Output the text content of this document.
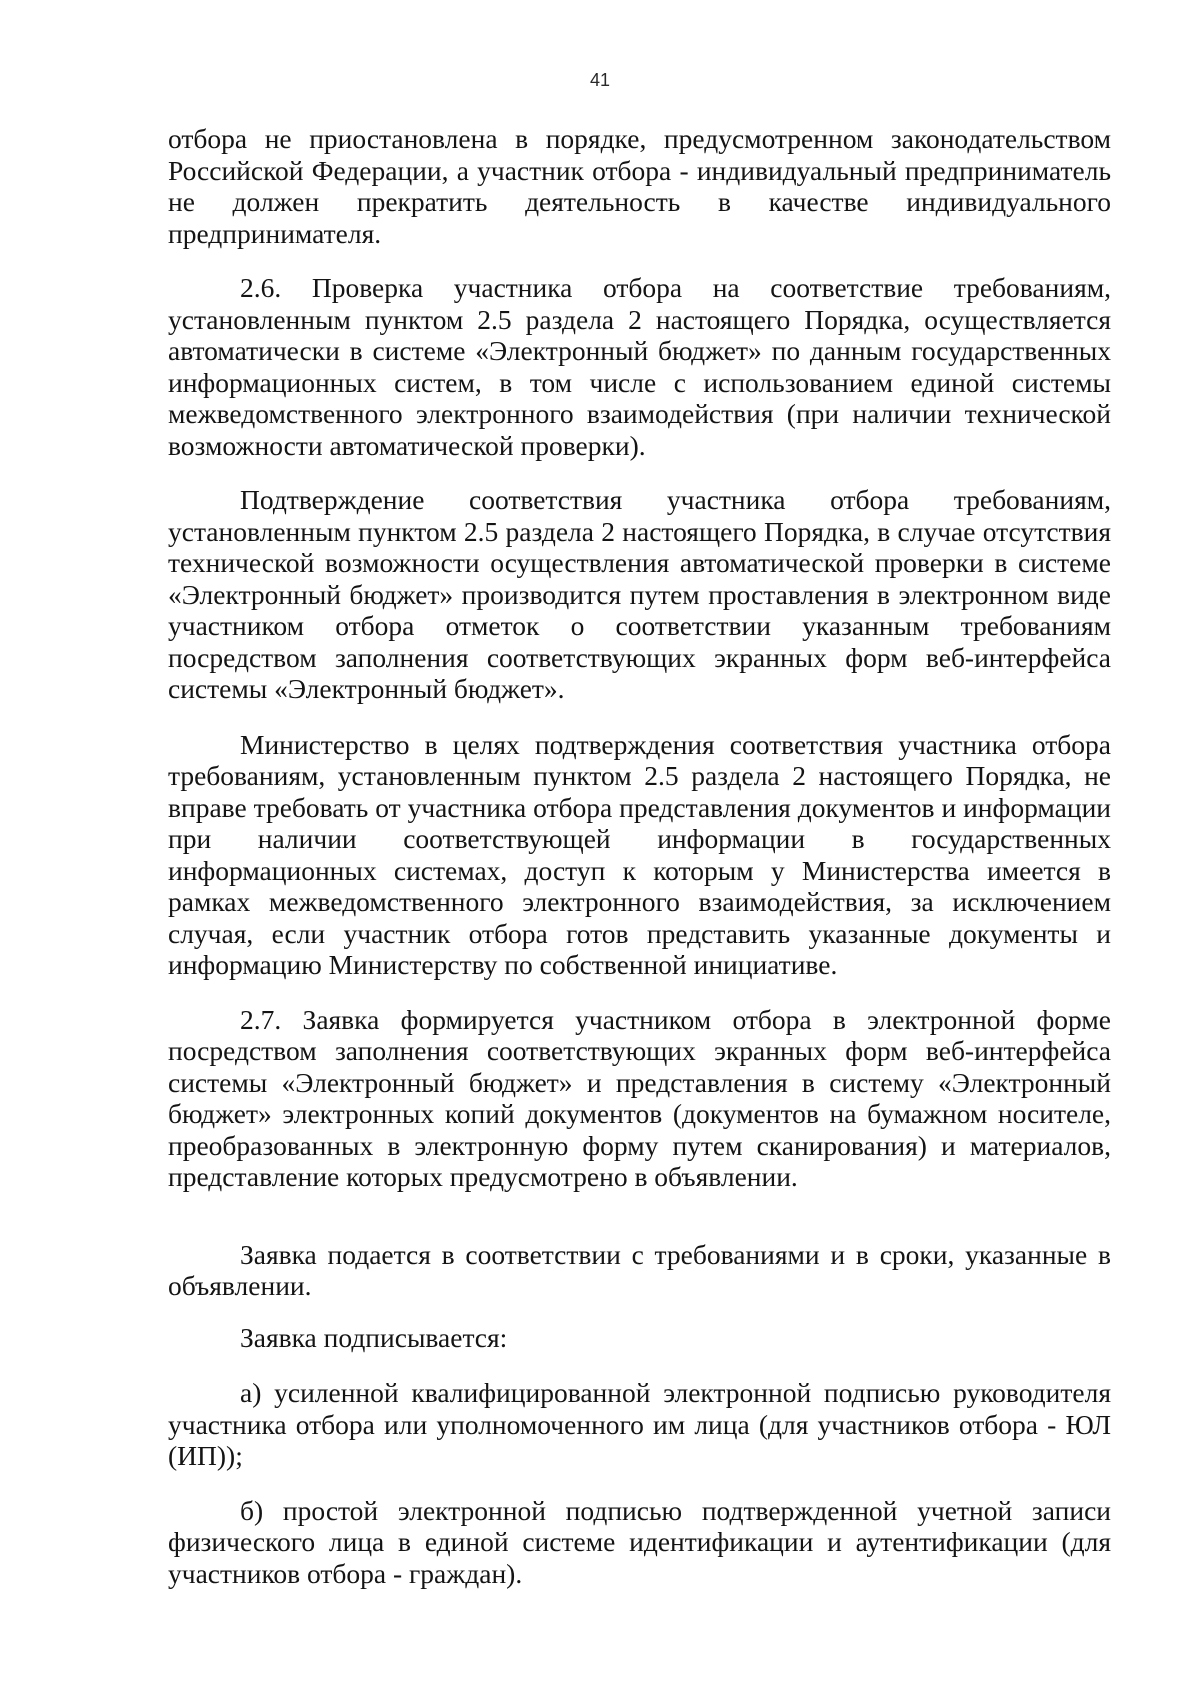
41

отбора не приостановлена в порядке, предусмотренном законодательством Российской Федерации, а участник отбора - индивидуальный предприниматель не должен прекратить деятельность в качестве индивидуального предпринимателя.

2.6. Проверка участника отбора на соответствие требованиям, установленным пунктом 2.5 раздела 2 настоящего Порядка, осуществляется автоматически в системе «Электронный бюджет» по данным государственных информационных систем, в том числе с использованием единой системы межведомственного электронного взаимодействия (при наличии технической возможности автоматической проверки).

Подтверждение соответствия участника отбора требованиям, установленным пунктом 2.5 раздела 2 настоящего Порядка, в случае отсутствия технической возможности осуществления автоматической проверки в системе «Электронный бюджет» производится путем проставления в электронном виде участником отбора отметок о соответствии указанным требованиям посредством заполнения соответствующих экранных форм веб-интерфейса системы «Электронный бюджет».

Министерство в целях подтверждения соответствия участника отбора требованиям, установленным пунктом 2.5 раздела 2 настоящего Порядка, не вправе требовать от участника отбора представления документов и информации при наличии соответствующей информации в государственных информационных системах, доступ к которым у Министерства имеется в рамках межведомственного электронного взаимодействия, за исключением случая, если участник отбора готов представить указанные документы и информацию Министерству по собственной инициативе.

2.7. Заявка формируется участником отбора в электронной форме посредством заполнения соответствующих экранных форм веб-интерфейса системы «Электронный бюджет» и представления в систему «Электронный бюджет» электронных копий документов (документов на бумажном носителе, преобразованных в электронную форму путем сканирования) и материалов, представление которых предусмотрено в объявлении.

Заявка подается в соответствии с требованиями и в сроки, указанные в объявлении.

Заявка подписывается:

а) усиленной квалифицированной электронной подписью руководителя участника отбора или уполномоченного им лица (для участников отбора - ЮЛ (ИП));

б) простой электронной подписью подтвержденной учетной записи физического лица в единой системе идентификации и аутентификации (для участников отбора - граждан).
